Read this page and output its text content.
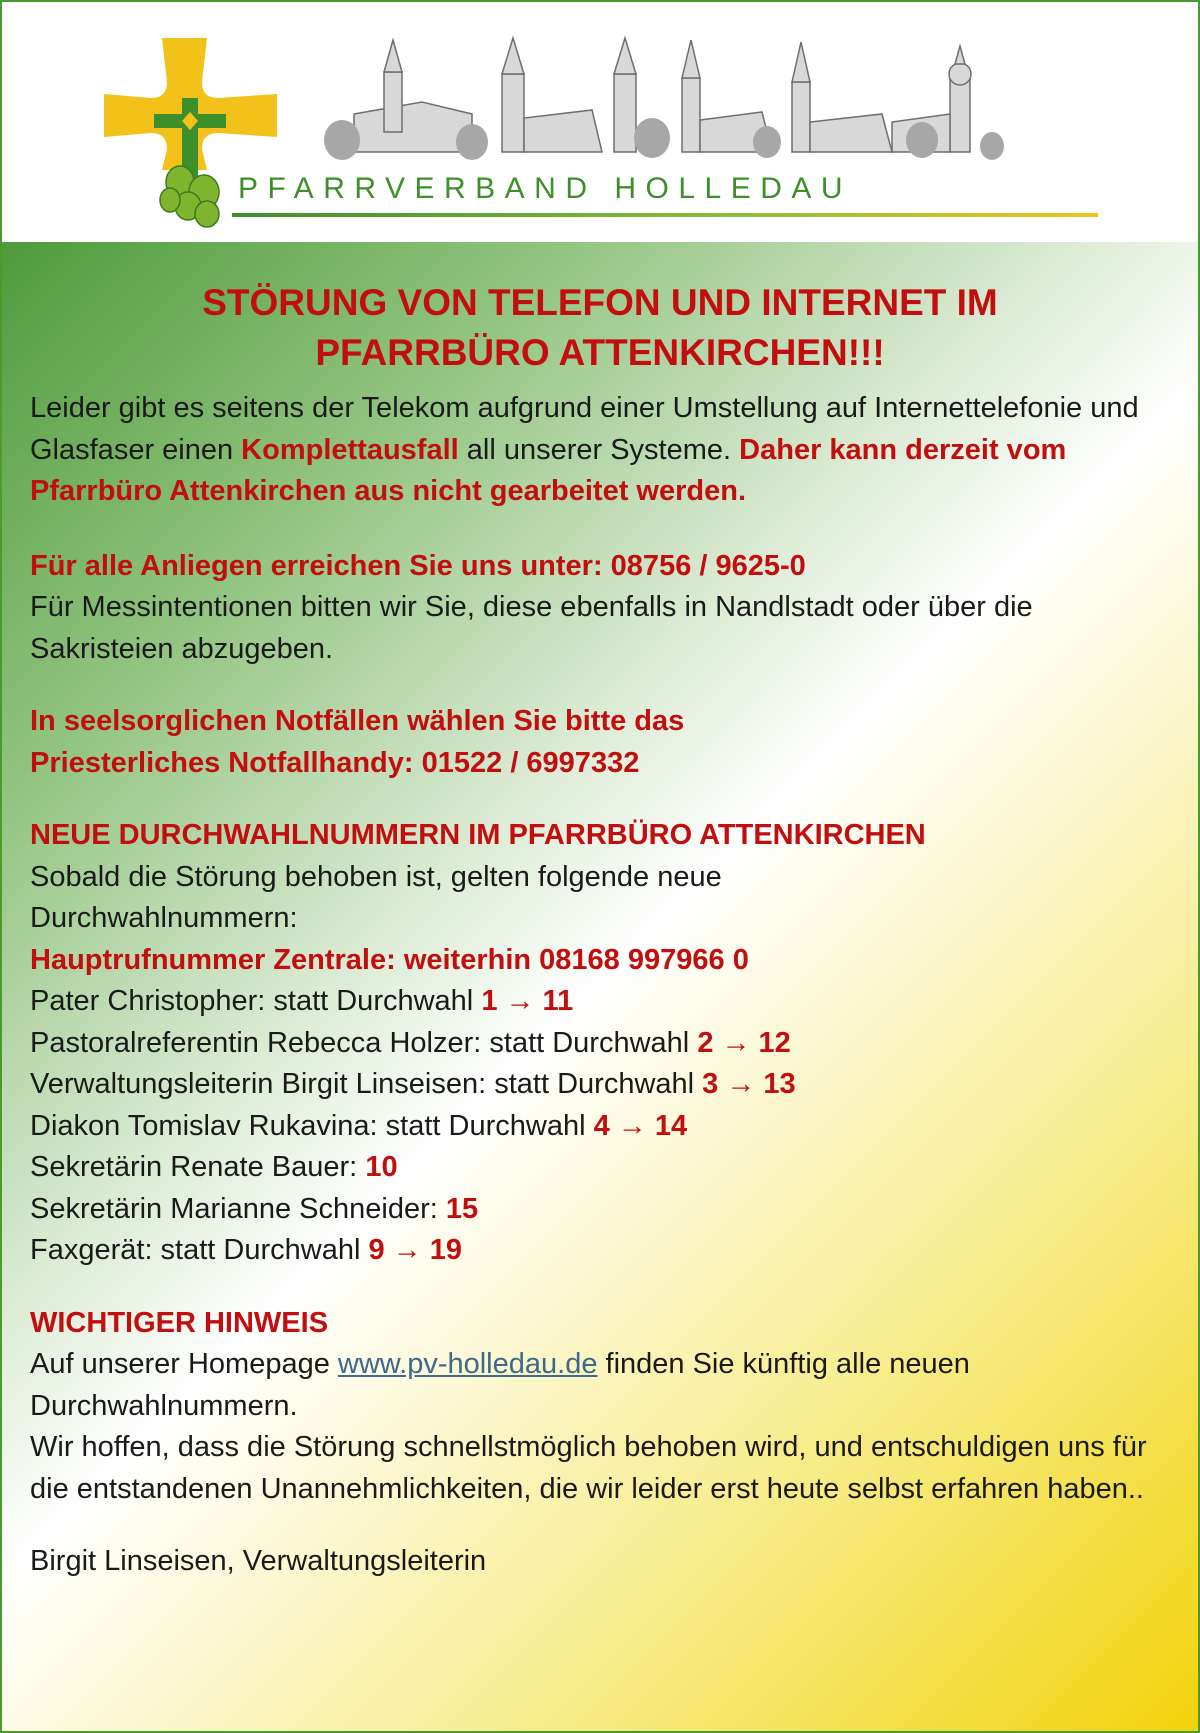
PFARRVERBAND HOLLEDAU
STÖRUNG VON TELEFON UND INTERNET IM
PFARRBÜRO ATTENKIRCHEN!!!

Leider gibt es seitens der Telekom aufgrund einer Umstellung auf Internettelefonie und Glasfaser einen Komplettausfall all unserer Systeme. Daher kann derzeit vom Pfarrbüro Attenkirchen aus nicht gearbeitet werden.

Für alle Anliegen erreichen Sie uns unter: 08756 / 9625-0
Für Messintentionen bitten wir Sie, diese ebenfalls in Nandlstadt oder über die Sakristeien abzugeben.

In seelsorglichen Notfällen wählen Sie bitte das
Priesterliches Notfallhandy: 01522 / 6997332

NEUE DURCHWAHLNUMMERN IM PFARRBÜRO ATTENKIRCHEN
Sobald die Störung behoben ist, gelten folgende neue Durchwahlnummern:
Hauptrufnummer Zentrale: weiterhin 08168 997966 0
Pater Christopher: statt Durchwahl 1 → 11
Pastoralreferentin Rebecca Holzer: statt Durchwahl 2 → 12
Verwaltungsleiterin Birgit Linseisen: statt Durchwahl 3 → 13
Diakon Tomislav Rukavina: statt Durchwahl 4 → 14
Sekretärin Renate Bauer: 10
Sekretärin Marianne Schneider: 15
Faxgerät: statt Durchwahl 9 → 19

WICHTIGER HINWEIS
Auf unserer Homepage www.pv-holledau.de finden Sie künftig alle neuen Durchwahlnummern.
Wir hoffen, dass die Störung schnellstmöglich behoben wird, und entschuldigen uns für die entstandenen Unannehmlichkeiten, die wir leider erst heute selbst erfahren haben..

Birgit Linseisen, Verwaltungsleiterin
